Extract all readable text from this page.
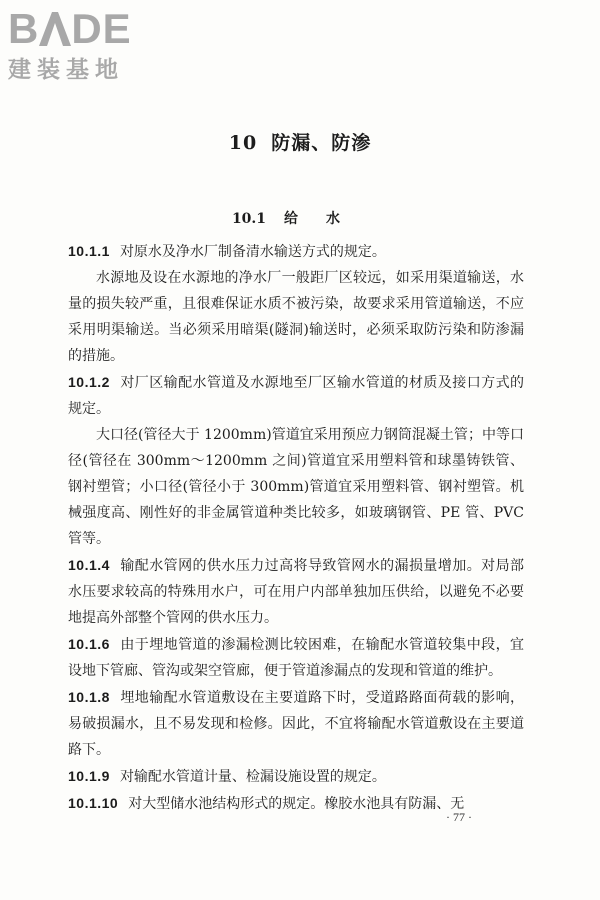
B DE
建装基地
10 防漏、防渗
10.1 给水

10.1.1 对原水及净水厂制备清水输送方式的规定。

水源地及设在水源地的净水厂一般距厂区较远，如采用渠道输送，水量的损失较严重，且很难保证水质不被污染，故要求采用管道输送，不应采用明渠输送。当必须采用暗渠(隧洞)输送时，必须采取防污染和防渗漏的措施。

10.1.2 对厂区输配水管道及水源地至厂区输水管道的材质及接口方式的规定。

大口径(管径大于 1200mm)管道宜采用预应力钢筒混凝土管；中等口径(管径在 300mm～1200mm 之间)管道宜采用塑料管和球墨铸铁管、钢衬塑管；小口径(管径小于 300mm)管道宜采用塑料管、钢衬塑管。机械强度高、刚性好的非金属管道种类比较多，如玻璃钢管、PE 管、PVC 管等。

10.1.4 输配水管网的供水压力过高将导致管网水的漏损量增加。对局部水压要求较高的特殊用水户，可在用户内部单独加压供给，以避免不必要地提高外部整个管网的供水压力。

10.1.6 由于埋地管道的渗漏检测比较困难，在输配水管道较集中段，宜设地下管廊、管沟或架空管廊，便于管道渗漏点的发现和管道的维护。

10.1.8 埋地输配水管道敷设在主要道路下时，受道路路面荷载的影响，易破损漏水，且不易发现和检修。因此，不宜将输配水管道敷设在主要道路下。

10.1.9 对输配水管道计量、检漏设施设置的规定。

10.1.10 对大型储水池结构形式的规定。橡胶水池具有防漏、无

· 77 ·
